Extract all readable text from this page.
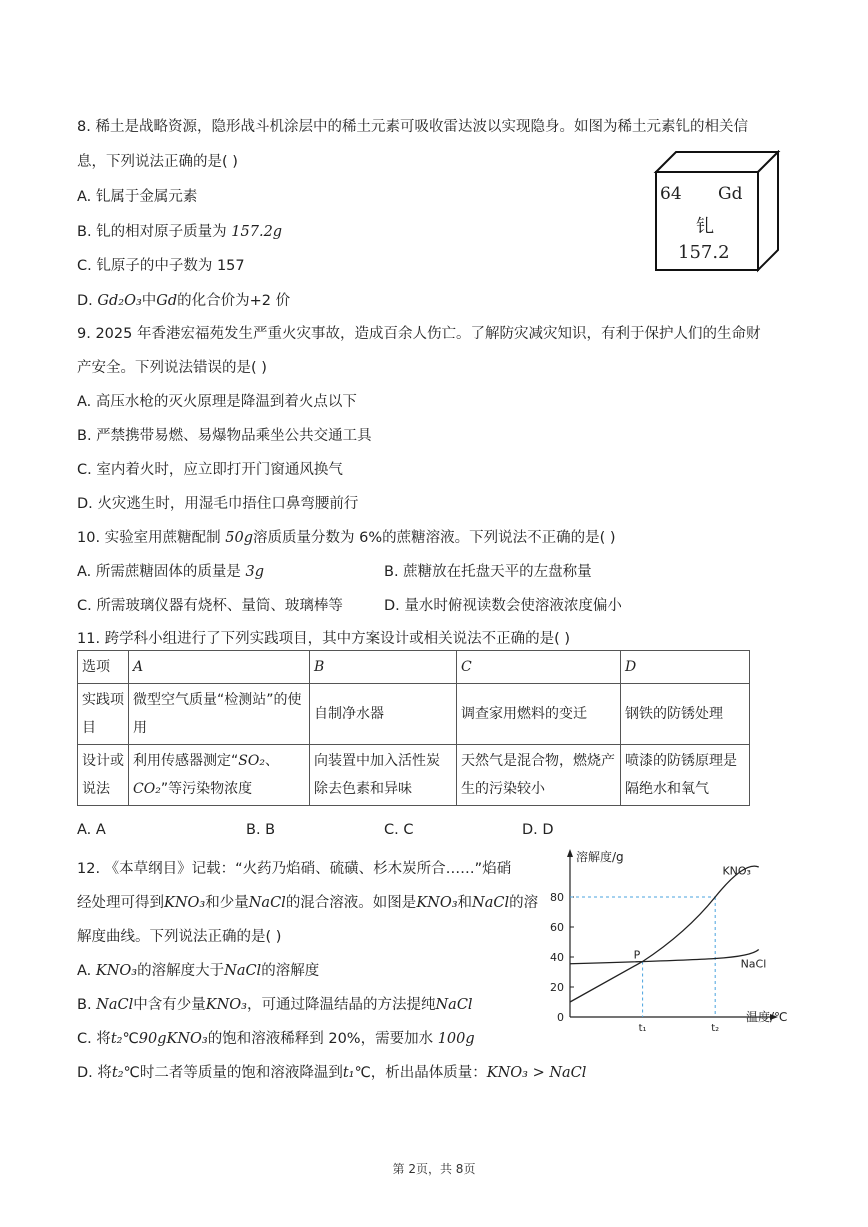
8. 稀土是战略资源，隐形战斗机涂层中的稀土元素可吸收雷达波以实现隐身。如图为稀土元素钆的相关信
息，下列说法正确的是( )
A. 钆属于金属元素
B. 钆的相对原子质量为 157.2g
C. 钆原子的中子数为 157
D. Gd₂O₃中Gd的化合价为+2 价
64 Gd
钆
157.2
9. 2025 年香港宏福苑发生严重火灾事故，造成百余人伤亡。了解防灾减灾知识，有利于保护人们的生命财
产安全。下列说法错误的是( )
A. 高压水枪的灭火原理是降温到着火点以下
B. 严禁携带易燃、易爆物品乘坐公共交通工具
C. 室内着火时，应立即打开门窗通风换气
D. 火灾逃生时，用湿毛巾捂住口鼻弯腰前行
10. 实验室用蔗糖配制 50g溶质质量分数为 6%的蔗糖溶液。下列说法不正确的是( )
A. 所需蔗糖固体的质量是 3g	B. 蔗糖放在托盘天平的左盘称量
C. 所需玻璃仪器有烧杯、量筒、玻璃棒等	D. 量水时俯视读数会使溶液浓度偏小
11. 跨学科小组进行了下列实践项目，其中方案设计或相关说法不正确的是( )
选项	A	B	C	D
实践项目	微型空气质量“检测站”的使用	自制净水器	调查家用燃料的变迁	钢铁的防锈处理
设计或说法	利用传感器测定“SO₂、CO₂”等污染物浓度	向装置中加入活性炭除去色素和异味	天然气是混合物，燃烧产生的污染较小	喷漆的防锈原理是隔绝水和氧气
A. A	B. B	C. C	D. D
12. 《本草纲目》记载：“火药乃焰硝、硫磺、杉木炭所合……”焰硝
经处理可得到KNO₃和少量NaCl的混合溶液。如图是KNO₃和NaCl的溶
解度曲线。下列说法正确的是( )
A. KNO₃的溶解度大于NaCl的溶解度
B. NaCl中含有少量KNO₃，可通过降温结晶的方法提纯NaCl
C. 将t₂℃90gKNO₃的饱和溶液稀释到 20%，需要加水 100g
D. 将t₂℃时二者等质量的饱和溶液降温到t₁℃，析出晶体质量：KNO₃ > NaCl
溶解度/g
温度/℃
0
20
40
60
80
t₁	t₂
KNO₃
NaCl
P
第 2页，共 8页
